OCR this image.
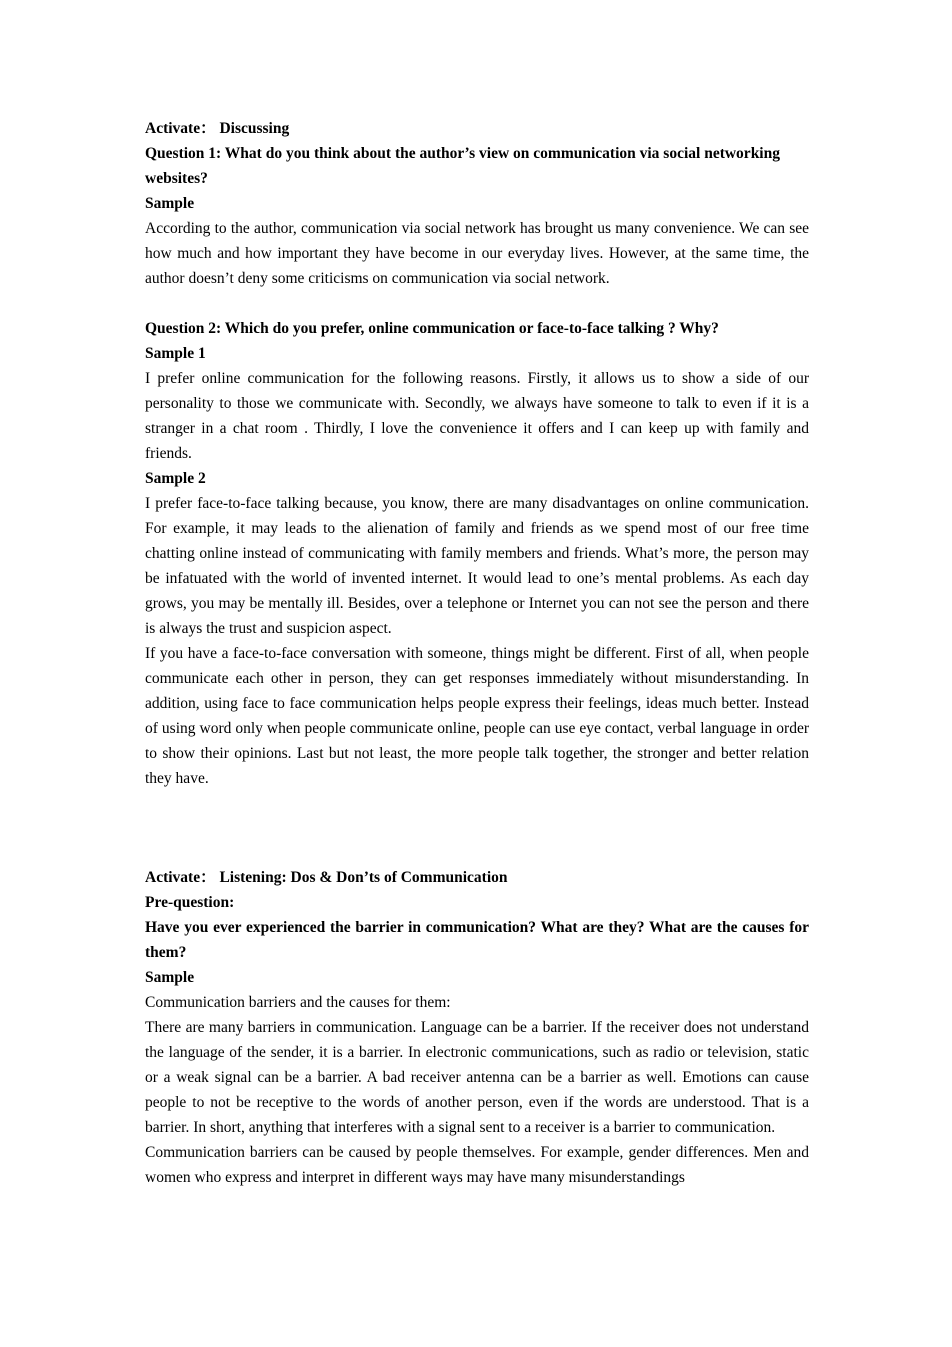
Activate： Discussing
Question 1: What do you think about the author’s view on communication via social networking websites?
Sample

According to the author, communication via social network has brought us many convenience. We can see how much and how important they have become in our everyday lives. However, at the same time, the author doesn’t deny some criticisms on communication via social network.

Question 2: Which do you prefer, online communication or face-to-face talking ? Why?
Sample 1

I prefer online communication for the following reasons. Firstly, it allows us to show a side of our personality to those we communicate with. Secondly, we always have someone to talk to even if it is a stranger in a chat room . Thirdly, I love the convenience it offers and I can keep up with family and friends.

Sample 2

I prefer face-to-face talking because, you know, there are many disadvantages on online communication. For example, it may leads to the alienation of family and friends as we spend most of our free time chatting online instead of communicating with family members and friends. What’s more, the person may be infatuated with the world of invented internet. It would lead to one’s mental problems. As each day grows, you may be mentally ill. Besides, over a telephone or Internet you can not see the person and there is always the trust and suspicion aspect.

If you have a face-to-face conversation with someone, things might be different. First of all, when people communicate each other in person, they can get responses immediately without misunderstanding. In addition, using face to face communication helps people express their feelings, ideas much better. Instead of using word only when people communicate online, people can use eye contact, verbal language in order to show their opinions. Last but not least, the more people talk together, the stronger and better relation they have.

Activate： Listening: Dos & Don’ts of Communication
Pre-question:

Have you ever experienced the barrier in communication? What are they? What are the causes for them?

Sample
Communication barriers and the causes for them:

There are many barriers in communication. Language can be a barrier. If the receiver does not understand the language of the sender, it is a barrier. In electronic communications, such as radio or television, static or a weak signal can be a barrier. A bad receiver antenna can be a barrier as well. Emotions can cause people to not be receptive to the words of another person, even if the words are understood. That is a barrier. In short, anything that interferes with a signal sent to a receiver is a barrier to communication.

Communication barriers can be caused by people themselves. For example, gender differences. Men and women who express and interpret in different ways may have many misunderstandings
